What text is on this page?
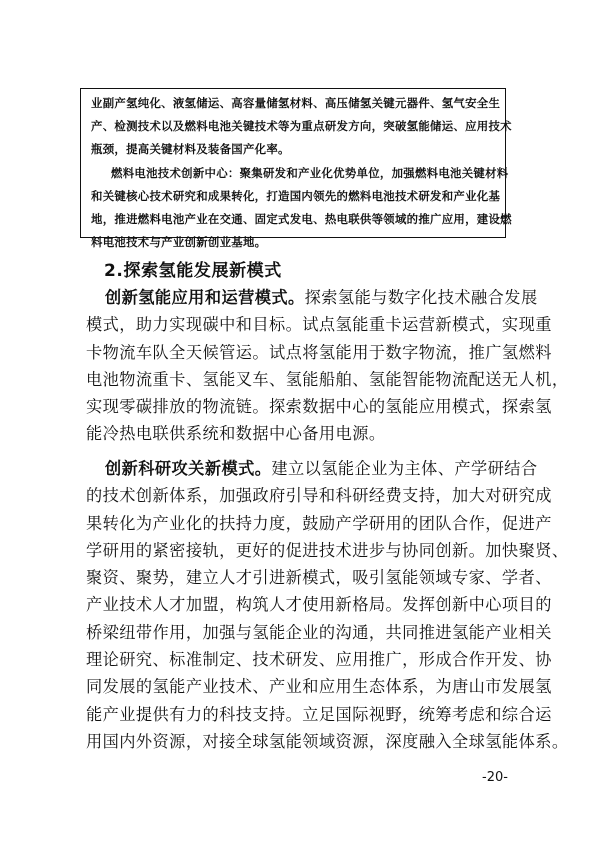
业副产氢纯化、液氢储运、高容量储氢材料、高压储氢关键元器件、氢气安全生
产、检测技术以及燃料电池关键技术等为重点研发方向，突破氢能储运、应用技术
瓶颈，提高关键材料及装备国产化率。
燃料电池技术创新中心：聚集研发和产业化优势单位，加强燃料电池关键材料
和关键核心技术研究和成果转化，打造国内领先的燃料电池技术研发和产业化基
地，推进燃料电池产业在交通、固定式发电、热电联供等领域的推广应用，建设燃
料电池技术与产业创新创业基地。
2.探索氢能发展新模式
创新氢能应用和运营模式。探索氢能与数字化技术融合发展
模式，助力实现碳中和目标。试点氢能重卡运营新模式，实现重
卡物流车队全天候管运。试点将氢能用于数字物流，推广氢燃料
电池物流重卡、氢能叉车、氢能船舶、氢能智能物流配送无人机，
实现零碳排放的物流链。探索数据中心的氢能应用模式，探索氢
能冷热电联供系统和数据中心备用电源。
创新科研攻关新模式。建立以氢能企业为主体、产学研结合
的技术创新体系，加强政府引导和科研经费支持，加大对研究成
果转化为产业化的扶持力度，鼓励产学研用的团队合作，促进产
学研用的紧密接轨，更好的促进技术进步与协同创新。加快聚贤、
聚资、聚势，建立人才引进新模式，吸引氢能领域专家、学者、
产业技术人才加盟，构筑人才使用新格局。发挥创新中心项目的
桥梁纽带作用，加强与氢能企业的沟通，共同推进氢能产业相关
理论研究、标准制定、技术研发、应用推广，形成合作开发、协
同发展的氢能产业技术、产业和应用生态体系，为唐山市发展氢
能产业提供有力的科技支持。立足国际视野，统筹考虑和综合运
用国内外资源，对接全球氢能领域资源，深度融入全球氢能体系。
-20-
